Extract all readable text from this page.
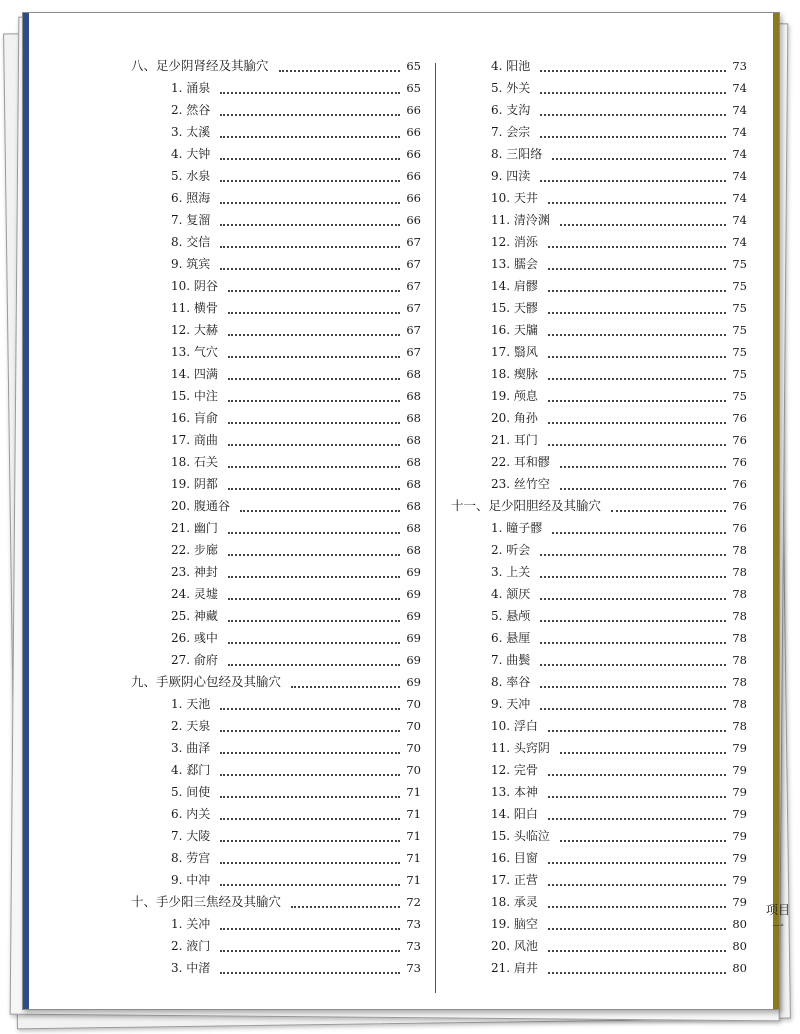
八、足少阴肾经及其腧穴	65
1. 涌泉	65
2. 然谷	66
3. 太溪	66
4. 大钟	66
5. 水泉	66
6. 照海	66
7. 复溜	66
8. 交信	67
9. 筑宾	67
10. 阴谷	67
11. 横骨	67
12. 大赫	67
13. 气穴	67
14. 四满	68
15. 中注	68
16. 肓俞	68
17. 商曲	68
18. 石关	68
19. 阴都	68
20. 腹通谷	68
21. 幽门	68
22. 步廊	68
23. 神封	69
24. 灵墟	69
25. 神藏	69
26. 彧中	69
27. 俞府	69
九、手厥阴心包经及其腧穴	69
1. 天池	70
2. 天泉	70
3. 曲泽	70
4. 郄门	70
5. 间使	71
6. 内关	71
7. 大陵	71
8. 劳宫	71
9. 中冲	71
十、手少阳三焦经及其腧穴	72
1. 关冲	73
2. 液门	73
3. 中渚	73
4. 阳池	73
5. 外关	74
6. 支沟	74
7. 会宗	74
8. 三阳络	74
9. 四渎	74
10. 天井	74
11. 清泠渊	74
12. 消泺	74
13. 臑会	75
14. 肩髎	75
15. 天髎	75
16. 天牖	75
17. 翳风	75
18. 瘈脉	75
19. 颅息	75
20. 角孙	76
21. 耳门	76
22. 耳和髎	76
23. 丝竹空	76
十一、足少阳胆经及其腧穴	76
1. 瞳子髎	76
2. 听会	78
3. 上关	78
4. 颔厌	78
5. 悬颅	78
6. 悬厘	78
7. 曲鬓	78
8. 率谷	78
9. 天冲	78
10. 浮白	78
11. 头窍阴	79
12. 完骨	79
13. 本神	79
14. 阳白	79
15. 头临泣	79
16. 目窗	79
17. 正营	79
18. 承灵	79
19. 脑空	80
20. 风池	80
21. 肩井	80
项目
一
